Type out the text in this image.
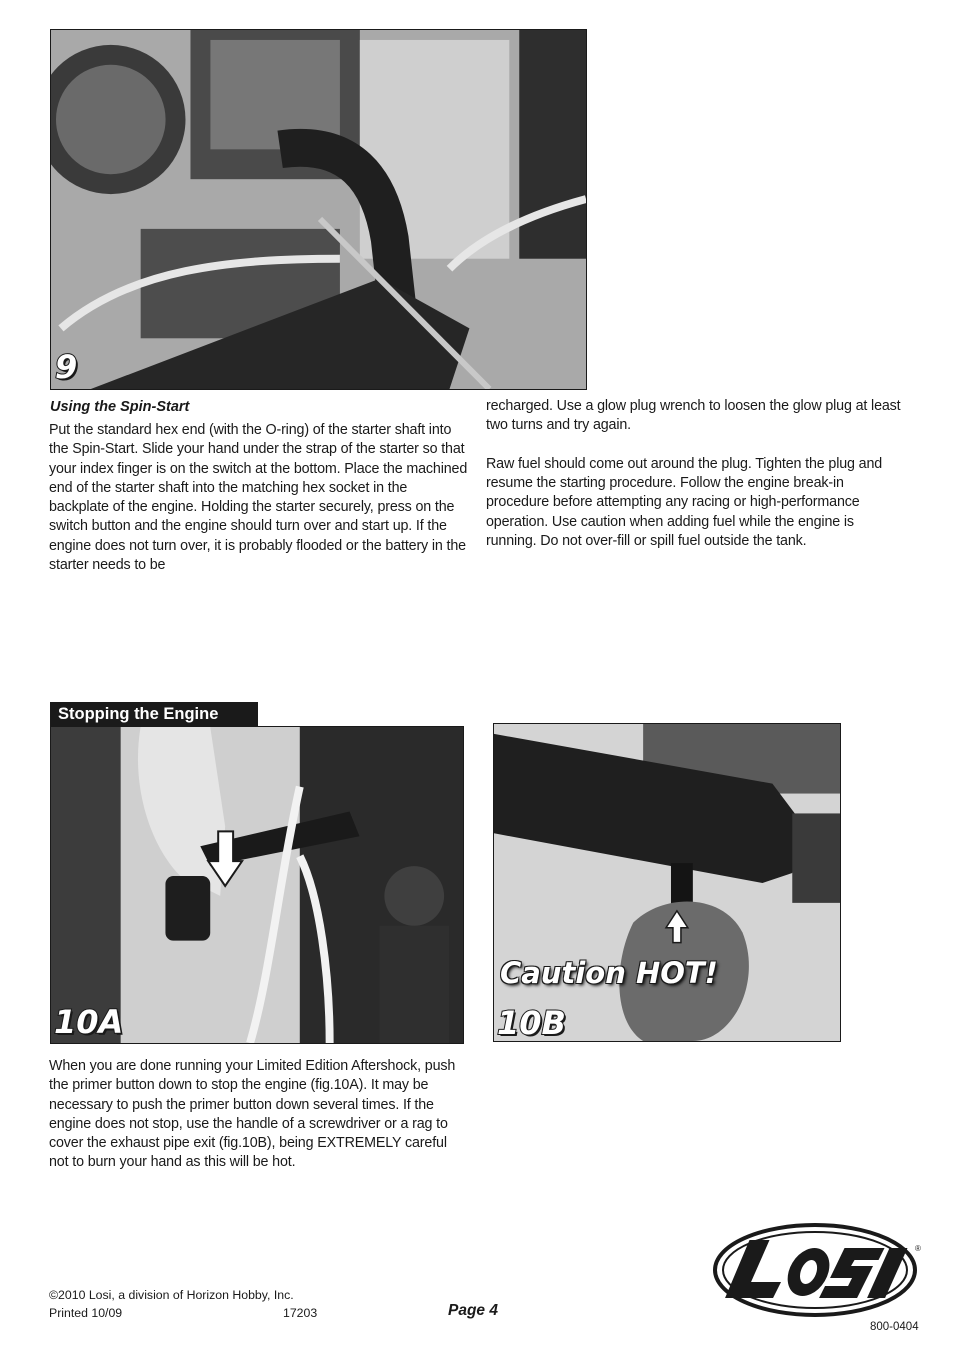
9
Using the Spin-Start

Put the standard hex end (with the O-ring) of the starter shaft into the Spin-Start. Slide your hand under the strap of the starter so that your index finger is on the switch at the bottom. Place the machined end of the starter shaft into the matching hex socket in the backplate of the engine. Holding the starter securely, press on the switch button and the engine should turn over and start up. If the engine does not turn over, it is probably flooded or the battery in the starter needs to be

recharged. Use a glow plug wrench to loosen the glow plug at least two turns and try again.

Raw fuel should come out around the plug. Tighten the plug and resume the starting procedure. Follow the engine break-in procedure before attempting any racing or high-performance operation. Use caution when adding fuel while the engine is running. Do not over-fill or spill fuel outside the tank.

Stopping the Engine
10A
Caution HOT!
10B

When you are done running your Limited Edition Aftershock, push the primer button down to stop the engine (fig.10A). It may be necessary to push the primer button down several times. If the engine does not stop, use the handle of a screwdriver or a rag to cover the exhaust pipe exit (fig.10B), being EXTREMELY careful not to burn your hand as this will be hot.

©2010 Losi, a division of Horizon Hobby, Inc.
Printed 10/09	17203	Page 4
800-0404
®
